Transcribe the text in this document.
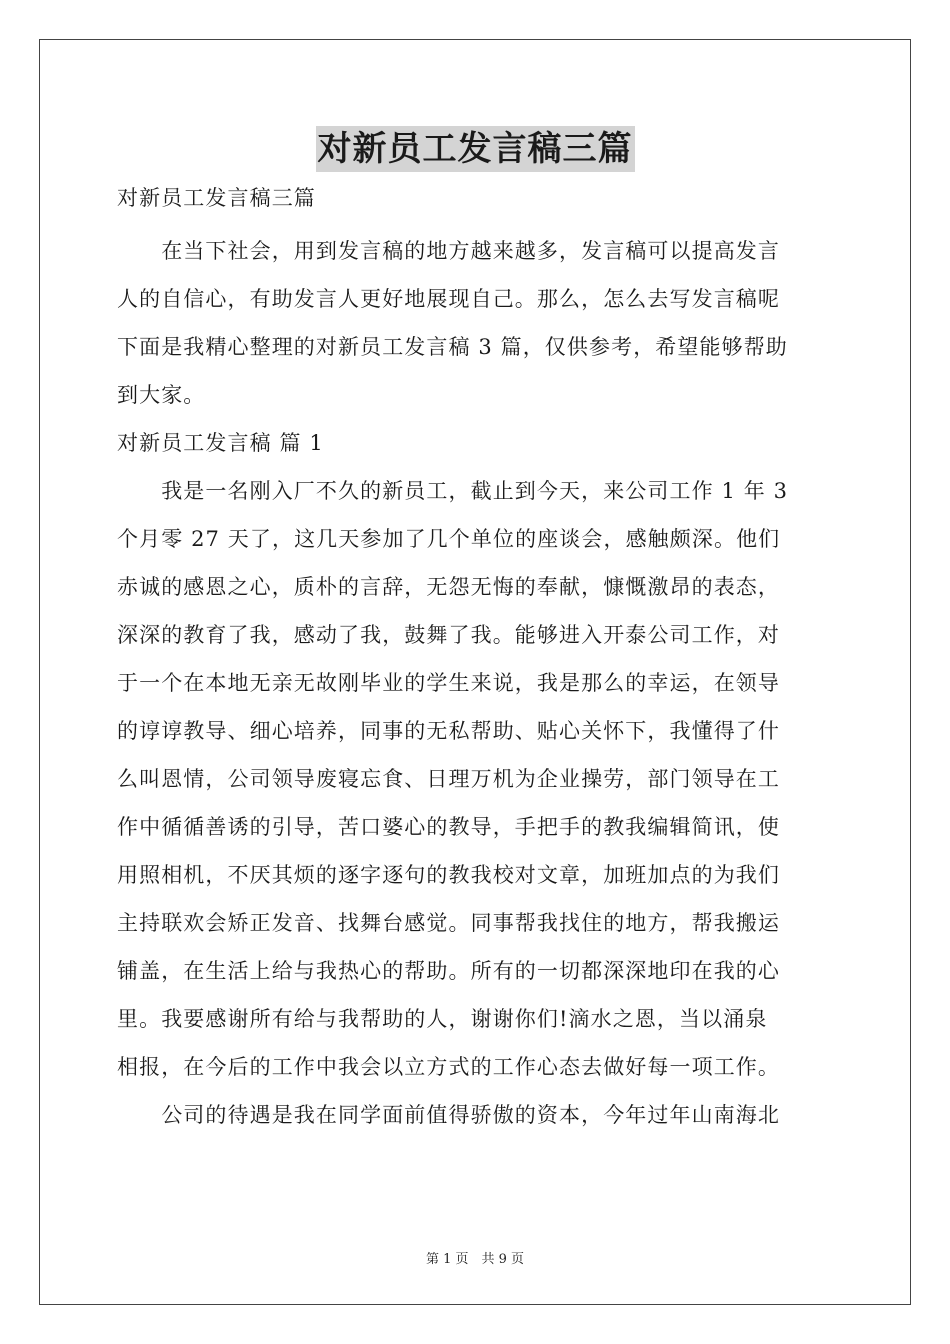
对新员工发言稿三篇
对新员工发言稿三篇
　　在当下社会，用到发言稿的地方越来越多，发言稿可以提高发言
人的自信心，有助发言人更好地展现自己。那么，怎么去写发言稿呢
下面是我精心整理的对新员工发言稿 3 篇，仅供参考，希望能够帮助
到大家。
对新员工发言稿 篇 1
　　我是一名刚入厂不久的新员工，截止到今天，来公司工作 1 年 3
个月零 27 天了，这几天参加了几个单位的座谈会，感触颇深。他们
赤诚的感恩之心，质朴的言辞，无怨无悔的奉献，慷慨激昂的表态，
深深的教育了我，感动了我，鼓舞了我。能够进入开泰公司工作，对
于一个在本地无亲无故刚毕业的学生来说，我是那么的幸运，在领导
的谆谆教导、细心培养，同事的无私帮助、贴心关怀下，我懂得了什
么叫恩情，公司领导废寝忘食、日理万机为企业操劳，部门领导在工
作中循循善诱的引导，苦口婆心的教导，手把手的教我编辑简讯，使
用照相机，不厌其烦的逐字逐句的教我校对文章，加班加点的为我们
主持联欢会矫正发音、找舞台感觉。同事帮我找住的地方，帮我搬运
铺盖，在生活上给与我热心的帮助。所有的一切都深深地印在我的心
里。我要感谢所有给与我帮助的人，谢谢你们!滴水之恩，当以涌泉
相报，在今后的工作中我会以立方式的工作心态去做好每一项工作。
　　公司的待遇是我在同学面前值得骄傲的资本，今年过年山南海北
第 1 页　共 9 页
